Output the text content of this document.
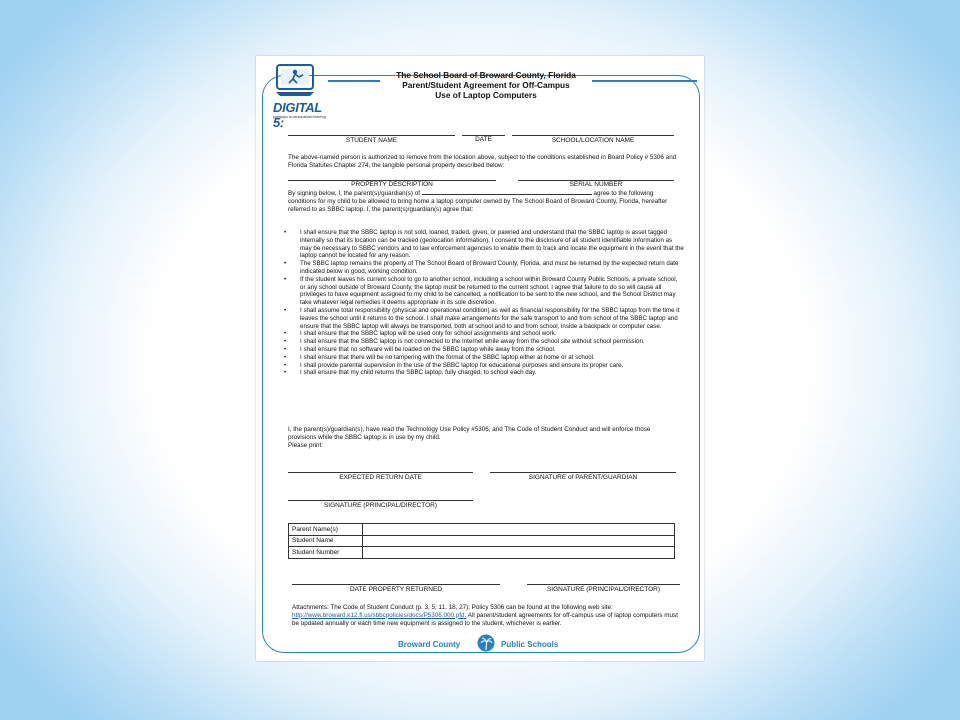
DIGITAL 5:
pathways to personalized learning
The School Board of Broward County, Florida
Parent/Student Agreement for Off-Campus
Use of Laptop Computers
STUDENT NAME	DATE	SCHOOL/LOCATION NAME
The above-named person is authorized to remove from the location above, subject to the conditions established in Board Policy # 5306 and Florida Statutes Chapter 274, the tangible personal property described below:
PROPERTY DESCRIPTION	SERIAL NUMBER
By signing below, I, the parent(s)/guardian(s) of	agree to the following conditions for my child to be allowed to bring home a laptop computer owned by The School Board of Broward County, Florida, hereafter referred to as SBBC laptop. I, the parent(s)/guardian(s) agree that:
• I shall ensure that the SBBC laptop is not sold, loaned, traded, given, or pawned and understand that the SBBC laptop is asset tagged internally so that its location can be tracked (geolocation information). I consent to the disclosure of all student identifiable information as may be necessary to SBBC vendors and to law enforcement agencies to enable them to track and locate the equipment in the event that the laptop cannot be located for any reason.
• The SBBC laptop remains the property of The School Board of Broward County, Florida, and must be returned by the expected return date indicated below in good, working condition.
• If the student leaves his current school to go to another school, including a school within Broward County Public Schools, a private school, or any school outside of Broward County, the laptop must be returned to the current school. I agree that failure to do so will cause all privileges to have equipment assigned to my child to be cancelled, a notification to be sent to the new school, and the School District may take whatever legal remedies it deems appropriate in its sole discretion.
• I shall assume total responsibility (physical and operational condition) as well as financial responsibility for the SBBC laptop from the time it leaves the school until it returns to the school. I shall make arrangements for the safe transport to and from school of the SBBC laptop and ensure that the SBBC laptop will always be transported, both at school and to and from school, inside a backpack or computer case.
• I shall ensure that the SBBC laptop will be used only for school assignments and school work.
• I shall ensure that the SBBC laptop is not connected to the Internet while away from the school site without school permission.
• I shall ensure that no software will be loaded on the SBBC laptop while away from the school.
• I shall ensure that there will be no tampering with the format of the SBBC laptop either at home or at school.
• I shall provide parental supervision in the use of the SBBC laptop for educational purposes and ensure its proper care.
• I shall ensure that my child returns the SBBC laptop, fully charged, to school each day.
I, the parent(s)/guardian(s), have read the Technology Use Policy #5306, and The Code of Student Conduct and will enforce those provisions while the SBBC laptop is in use by my child.
Please print:
EXPECTED RETURN DATE	SIGNATURE of PARENT/GUARDIAN
SIGNATURE (PRINCIPAL/DIRECTOR)
Parent Name(s)	
Student Name	
Student Number	
DATE PROPERTY RETURNED	SIGNATURE (PRINCIPAL/DIRECTOR)
Attachments: The Code of Student Conduct (p. 3, 5, 11, 18, 27); Policy 5306 can be found at the following web site: http://www.broward.k12.fl.us/sbbcpolicies/docs/P5306.000.pfd. All parent/student agreements for off-campus use of laptop computers must be updated annually or each time new equipment is assigned to the student, whichever is earlier.
Broward County	Public Schools
